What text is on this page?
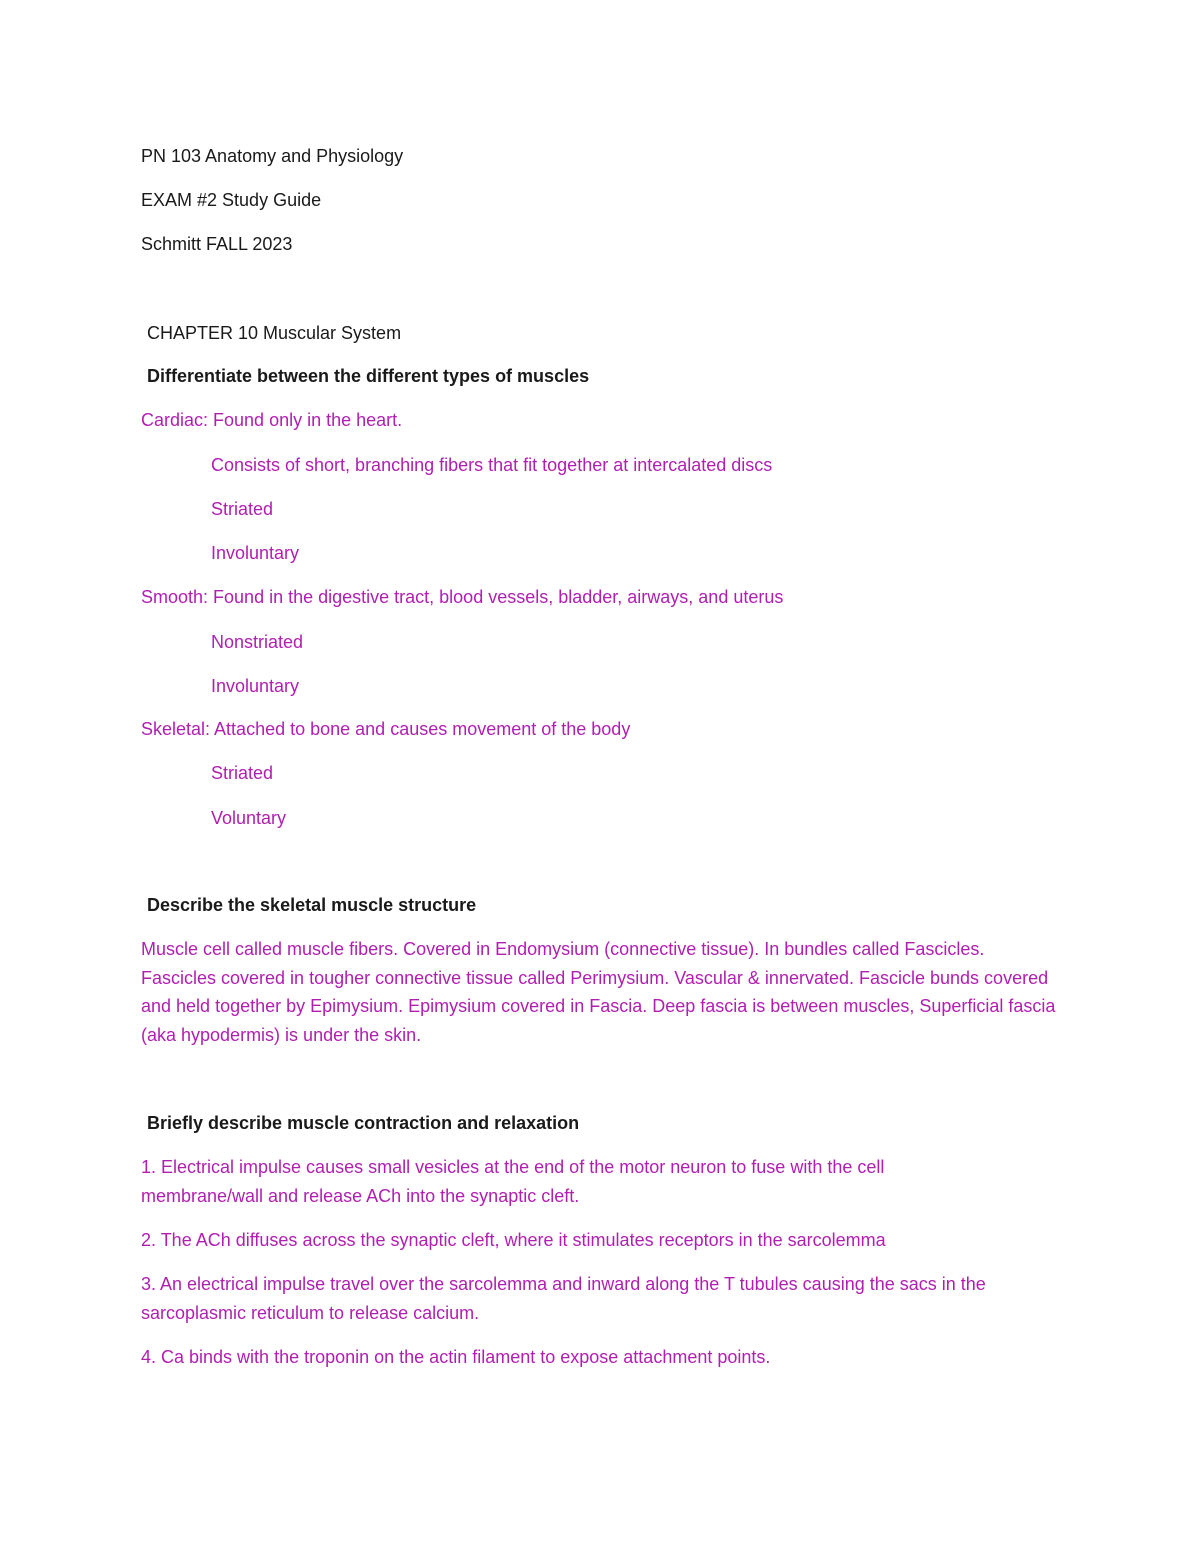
PN 103 Anatomy and Physiology
EXAM #2 Study Guide
Schmitt FALL 2023
CHAPTER 10 Muscular System
Differentiate between the different types of muscles
Cardiac: Found only in the heart.
Consists of short, branching fibers that fit together at intercalated discs
Striated
Involuntary
Smooth: Found in the digestive tract, blood vessels, bladder, airways, and uterus
Nonstriated
Involuntary
Skeletal: Attached to bone and causes movement of the body
Striated
Voluntary
Describe the skeletal muscle structure
Muscle cell called muscle fibers. Covered in Endomysium (connective tissue). In bundles called Fascicles. Fascicles covered in tougher connective tissue called Perimysium. Vascular & innervated. Fascicle bunds covered and held together by Epimysium. Epimysium covered in Fascia. Deep fascia is between muscles, Superficial fascia (aka hypodermis) is under the skin.
Briefly describe muscle contraction and relaxation
1. Electrical impulse causes small vesicles at the end of the motor neuron to fuse with the cell membrane/wall and release ACh into the synaptic cleft.
2. The ACh diffuses across the synaptic cleft, where it stimulates receptors in the sarcolemma
3. An electrical impulse travel over the sarcolemma and inward along the T tubules causing the sacs in the sarcoplasmic reticulum to release calcium.
4. Ca binds with the troponin on the actin filament to expose attachment points.
